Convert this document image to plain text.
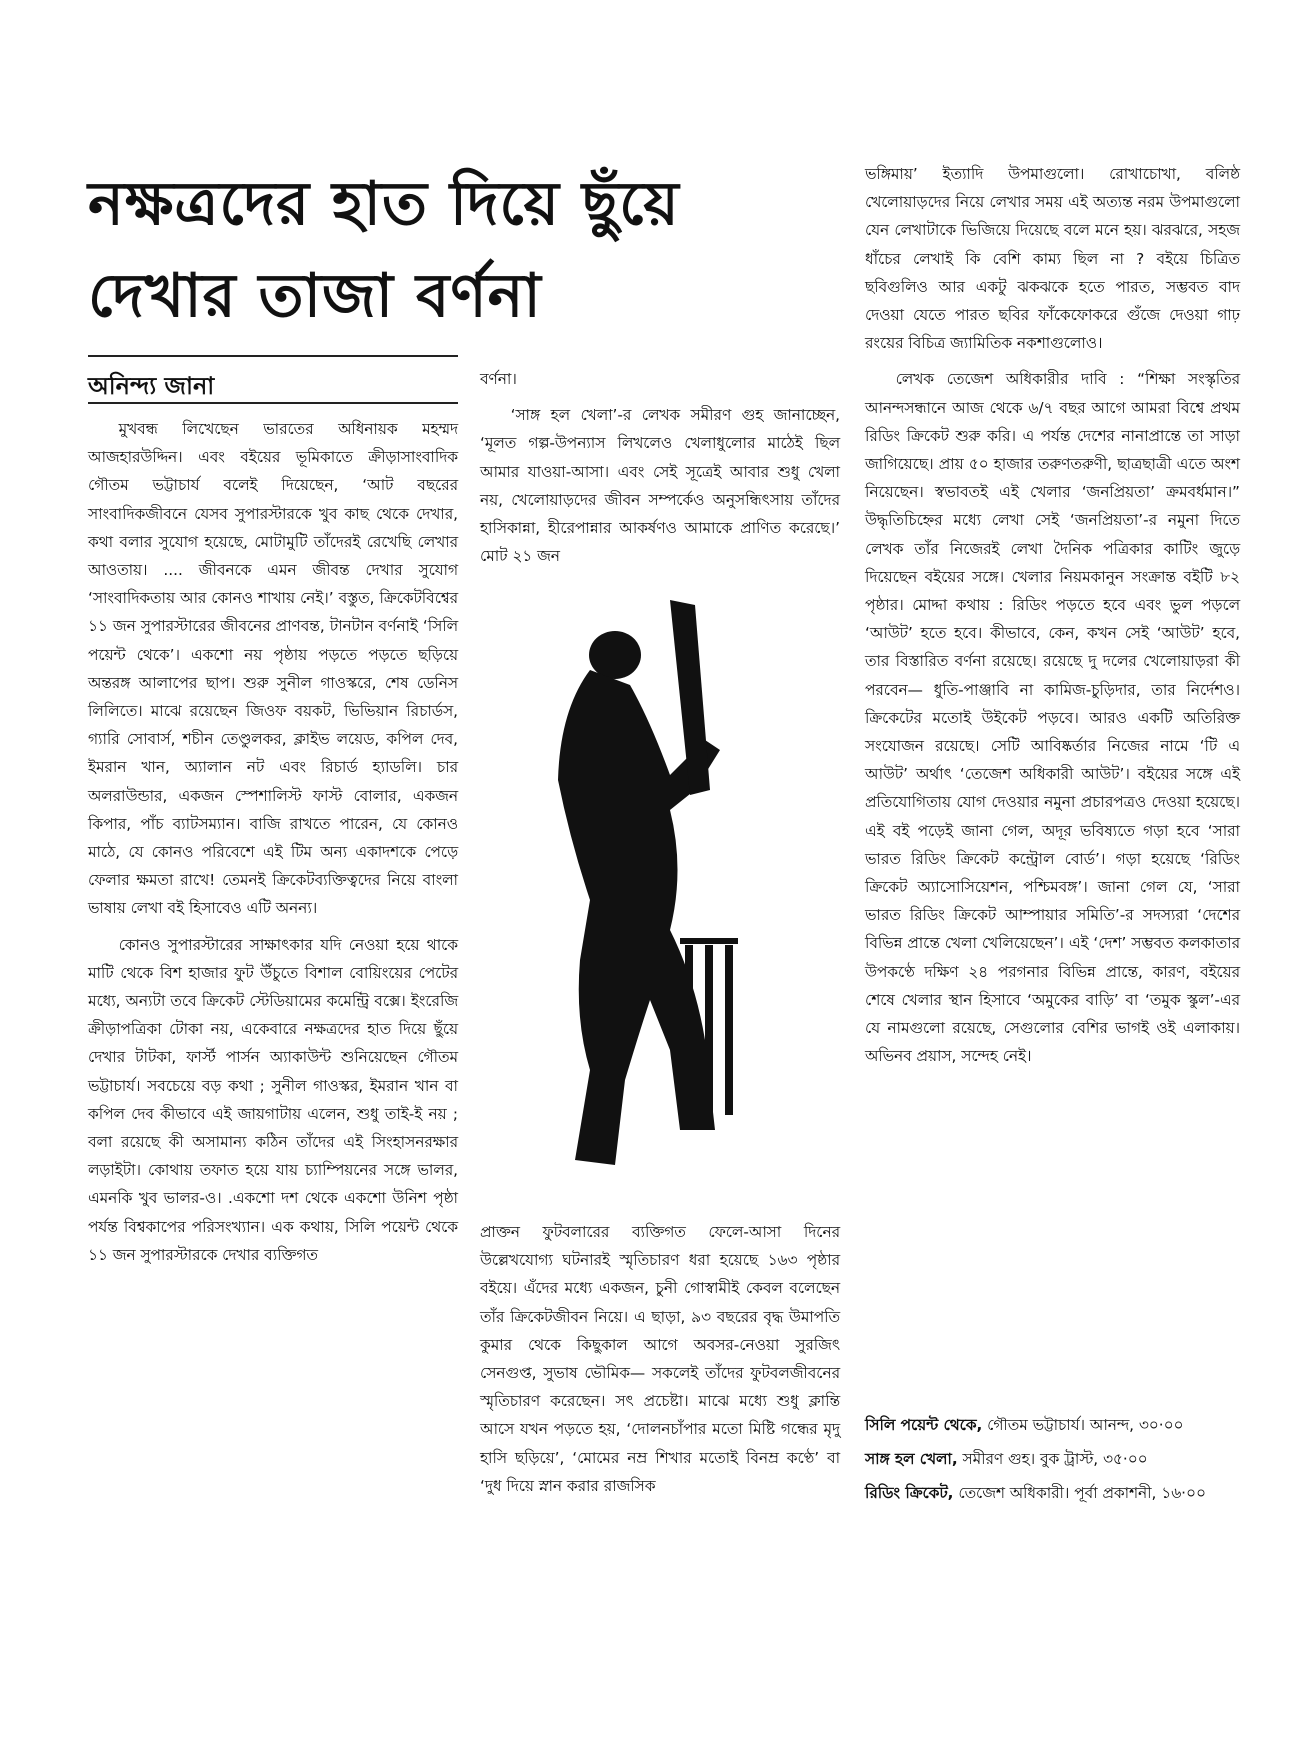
নক্ষত্রদের হাত দিয়ে ছুঁয়ে
দেখার তাজা বর্ণনা
অনিন্দ্য জানা

মুখবন্ধ লিখেছেন ভারতের অধিনায়ক মহম্মদ আজহারউদ্দিন। এবং বইয়ের ভূমিকাতে ক্রীড়াসাংবাদিক গৌতম ভট্টাচার্য বলেই দিয়েছেন, ‘আট বছরের সাংবাদিকজীবনে যেসব সুপারস্টারকে খুব কাছ থেকে দেখার, কথা বলার সুযোগ হয়েছে, মোটামুটি তাঁদেরই রেখেছি লেখার আওতায়। .... জীবনকে এমন জীবন্ত দেখার সুযোগ ‘সাংবাদিকতায় আর কোনও শাখায় নেই।’ বস্তুত, ক্রিকেটবিশ্বের ১১ জন সুপারস্টারের জীবনের প্রাণবন্ত, টানটান বর্ণনাই ‘সিলি পয়েন্ট থেকে’। একশো নয় পৃষ্ঠায় পড়তে পড়তে ছড়িয়ে অন্তরঙ্গ আলাপের ছাপ। শুরু সুনীল গাওস্করে, শেষ ডেনিস লিলিতে। মাঝে রয়েছেন জিওফ বয়কট, ভিভিয়ান রিচার্ডস, গ্যারি সোবার্স, শচীন তেণ্ডুলকর, ক্লাইভ লয়েড, কপিল দেব, ইমরান খান, অ্যালান নট এবং রিচার্ড হ্যাডলি। চার অলরাউন্ডার, একজন স্পেশালিস্ট ফাস্ট বোলার, একজন কিপার, পাঁচ ব্যাটসম্যান। বাজি রাখতে পারেন, যে কোনও মাঠে, যে কোনও পরিবেশে এই টিম অন্য একাদশকে পেড়ে ফেলার ক্ষমতা রাখে! তেমনই ক্রিকেটব্যক্তিত্বদের নিয়ে বাংলা ভাষায় লেখা বই হিসাবেও এটি অনন্য।

কোনও সুপারস্টারের সাক্ষাৎকার যদি নেওয়া হয়ে থাকে মাটি থেকে বিশ হাজার ফুট উঁচুতে বিশাল বোয়িংয়ের পেটের মধ্যে, অন্যটা তবে ক্রিকেট স্টেডিয়ামের কমেন্ট্রি বক্সে। ইংরেজি ক্রীড়াপত্রিকা টোকা নয়, একেবারে নক্ষত্রদের হাত দিয়ে ছুঁয়ে দেখার টাটকা, ফার্স্ট পার্সন অ্যাকাউন্ট শুনিয়েছেন গৌতম ভট্টাচার্য। সবচেয়ে বড় কথা ; সুনীল গাওস্কর, ইমরান খান বা কপিল দেব কীভাবে এই জায়গাটায় এলেন, শুধু তাই-ই নয় ; বলা রয়েছে কী অসামান্য কঠিন তাঁদের এই সিংহাসনরক্ষার লড়াইটা। কোথায় তফাত হয়ে যায় চ্যাম্পিয়নের সঙ্গে ভালর, এমনকি খুব ভালর-ও। .একশো দশ থেকে একশো উনিশ পৃষ্ঠা পর্যন্ত বিশ্বকাপের পরিসংখ্যান। এক কথায়, সিলি পয়েন্ট থেকে ১১ জন সুপারস্টারকে দেখার ব্যক্তিগত

বর্ণনা।

‘সাঙ্গ হল খেলা’-র লেখক সমীরণ গুহ জানাচ্ছেন, ‘মূলত গল্প-উপন্যাস লিখলেও খেলাধুলোর মাঠেই ছিল আমার যাওয়া-আসা। এবং সেই সূত্রেই আবার শুধু খেলা নয়, খেলোয়াড়দের জীবন সম্পর্কেও অনুসন্ধিৎসায় তাঁদের হাসিকান্না, হীরেপান্নার আকর্ষণও আমাকে প্রাণিত করেছে।’ মোট ২১ জন

প্রাক্তন ফুটবলারের ব্যক্তিগত ফেলে-আসা দিনের উল্লেখযোগ্য ঘটনারই স্মৃতিচারণ ধরা হয়েছে ১৬৩ পৃষ্ঠার বইয়ে। এঁদের মধ্যে একজন, চুনী গোস্বামীই কেবল বলেছেন তাঁর ক্রিকেটজীবন নিয়ে। এ ছাড়া, ৯৩ বছরের বৃদ্ধ উমাপতি কুমার থেকে কিছুকাল আগে অবসর-নেওয়া সুরজিৎ সেনগুপ্ত, সুভাষ ভৌমিক— সকলেই তাঁদের ফুটবলজীবনের স্মৃতিচারণ করেছেন। সৎ প্রচেষ্টা। মাঝে মধ্যে শুধু ক্লান্তি আসে যখন পড়তে হয়, ‘দোলনচাঁপার মতো মিষ্টি গন্ধের মৃদু হাসি ছড়িয়ে’, ‘মোমের নম্র শিখার মতোই বিনম্র কণ্ঠে’ বা ‘দুধ দিয়ে স্নান করার রাজসিক

ভঙ্গিমায়’ ইত্যাদি উপমাগুলো। রোখাচোখা, বলিষ্ঠ খেলোয়াড়দের নিয়ে লেখার সময় এই অত্যন্ত নরম উপমাগুলো যেন লেখাটাকে ভিজিয়ে দিয়েছে বলে মনে হয়। ঝরঝরে, সহজ ধাঁচের লেখাই কি বেশি কাম্য ছিল না ? বইয়ে চিত্রিত ছবিগুলিও আর একটু ঝকঝকে হতে পারত, সম্ভবত বাদ দেওয়া যেতে পারত ছবির ফাঁকেফোকরে গুঁজে দেওয়া গাঢ় রংয়ের বিচিত্র জ্যামিতিক নকশাগুলোও।

লেখক তেজেশ অধিকারীর দাবি : “শিক্ষা সংস্কৃতির আনন্দসন্ধানে আজ থেকে ৬/৭ বছর আগে আমরা বিশ্বে প্রথম রিডিং ক্রিকেট শুরু করি। এ পর্যন্ত দেশের নানাপ্রান্তে তা সাড়া জাগিয়েছে। প্রায় ৫০ হাজার তরুণতরুণী, ছাত্রছাত্রী এতে অংশ নিয়েছেন। স্বভাবতই এই খেলার ‘জনপ্রিয়তা’ ক্রমবর্ধমান।” উদ্ধৃতিচিহ্নের মধ্যে লেখা সেই ‘জনপ্রিয়তা’-র নমুনা দিতে লেখক তাঁর নিজেরই লেখা দৈনিক পত্রিকার কাটিং জুড়ে দিয়েছেন বইয়ের সঙ্গে। খেলার নিয়মকানুন সংক্রান্ত বইটি ৮২ পৃষ্ঠার। মোদ্দা কথায় : রিডিং পড়তে হবে এবং ভুল পড়লে ‘আউট’ হতে হবে। কীভাবে, কেন, কখন সেই ‘আউট’ হবে, তার বিস্তারিত বর্ণনা রয়েছে। রয়েছে দু দলের খেলোয়াড়রা কী পরবেন— ধুতি-পাঞ্জাবি না কামিজ-চুড়িদার, তার নির্দেশও। ক্রিকেটের মতোই উইকেট পড়বে। আরও একটি অতিরিক্ত সংযোজন রয়েছে। সেটি আবিষ্কর্তার নিজের নামে ‘টি এ আউট’ অর্থাৎ ‘তেজেশ অধিকারী আউট’। বইয়ের সঙ্গে এই প্রতিযোগিতায় যোগ দেওয়ার নমুনা প্রচারপত্রও দেওয়া হয়েছে। এই বই পড়েই জানা গেল, অদূর ভবিষ্যতে গড়া হবে ‘সারা ভারত রিডিং ক্রিকেট কন্ট্রোল বোর্ড’। গড়া হয়েছে ‘রিডিং ক্রিকেট অ্যাসোসিয়েশন, পশ্চিমবঙ্গ’। জানা গেল যে, ‘সারা ভারত রিডিং ক্রিকেট আম্পায়ার সমিতি’-র সদস্যরা ‘দেশের বিভিন্ন প্রান্তে খেলা খেলিয়েছেন’। এই ‘দেশ’ সম্ভবত কলকাতার উপকণ্ঠে দক্ষিণ ২৪ পরগনার বিভিন্ন প্রান্তে, কারণ, বইয়ের শেষে খেলার স্থান হিসাবে ‘অমুকের বাড়ি’ বা ‘তমুক স্কুল’-এর যে নামগুলো রয়েছে, সেগুলোর বেশির ভাগই ওই এলাকায়। অভিনব প্রয়াস, সন্দেহ নেই।

সিলি পয়েন্ট থেকে, গৌতম ভট্টাচার্য। আনন্দ, ৩০·০০
সাঙ্গ হল খেলা, সমীরণ গুহ। বুক ট্রাস্ট, ৩৫·০০
রিডিং ক্রিকেট, তেজেশ অধিকারী। পূর্বা প্রকাশনী, ১৬·০০
